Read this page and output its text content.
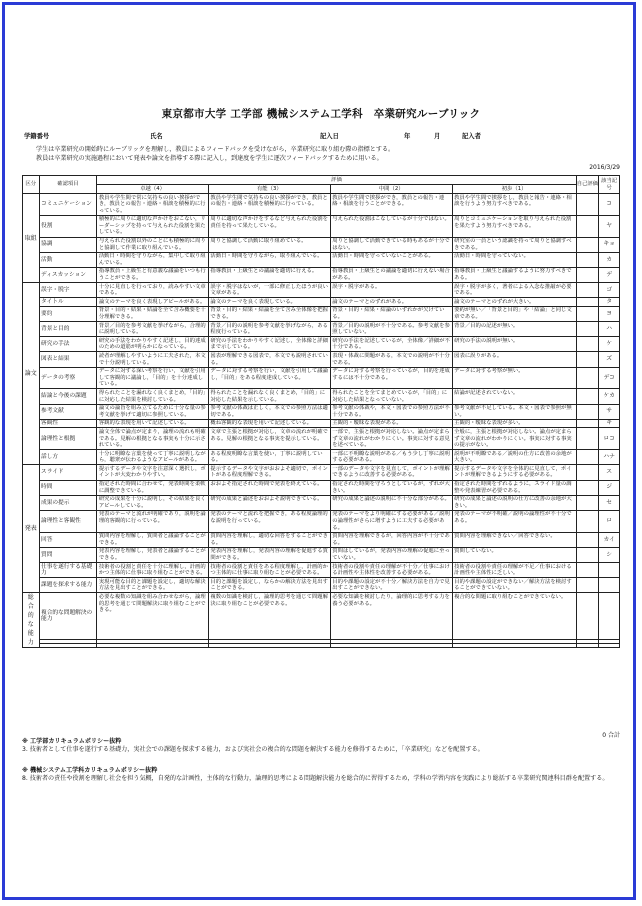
東京都市大学 工学部 機械システム工学科　卒業研究ルーブリック
学籍番号	氏名	記入日	年	月	記入者
学生は卒業研究の開始時にルーブリックを理解し，教員によるフィードバックを受けながら，卒業研究に取り組む際の指標とする。
教員は卒業研究の実施過程において発表や論文を指導する際に記入し，到達度を学生に逐次フィードバックするために用いる。
2016/3/29
区分	確認項目	評価				自己評価	該当記号
		卓越（4）	有能（3）	中間（2）	初歩（1）		
取組	コミュニケーション	教員や学生間で常に気持ちの良い挨拶ができ，教員との報告・連絡・相談を積極的に行っている。	教員や学生間で気持ちの良い挨拶ができ，教員との報告・連絡・相談を積極的に行っている。	教員や学生間で挨拶ができ，教員との報告・連絡・相談を行うことができる。	教員や学生間で挨拶をし，教員と報告・連絡・相談を行うよう努力すべきである。		コ
	役割	積極的に周りに適切な声かけをおこない，リーダーシップを持って与えられた役割を果たしている。	周りに適切な声かけをするなど与えられた役割を責任を持って果たしている。	与えられた役割はこなしているが十分ではない。	周りとコミュニケーションを取り与えられた役割を果たすよう努力すべきである。		ヤ
	協調	与えられた役割以外のことにも積極的に周りと協調して作業に取り組んでいる。	周りと協調して活動に取り組めている。	周りと協調して活動できている時もあるが十分ではない。	研究室の一員という認識を持って周りと協調すべきである。		キョ
	活動	活動日・時間を守りながら，集中して取り組んでいる。	活動日・時間を守りながら，取り組んでいる。	活動日・時間を守っていないことがある。	活動日・時間を守っていない。		カ
	ディスカッション	指導教員・上級生と有意義な議論をいつも行うことができる。	指導教員・上級生との議論を適切に行える。	指導教員・上級生との議論を適切に行えない場合がある。	指導教員・上級生と議論するように努力すべきである。		デ
論文	誤字・脱字	十分に見直しを行っており，読みやすい文章である。	誤字・脱字はないが，一部に修正したほうが良い文章がある。	誤字・脱字がある。	誤字・脱字が多く，著者による入念な推敲が必要である。		ゴ
	タイトル	論文のテーマを良く表現しアピールがある。	論文のテーマを良く表現している。	論文のテーマとのずれがある。	論文のテーマとのずれが大きい。		タ
	要約	背景・目的・結果・結論を全て含み概要を十分理解できる。	背景・目的・結果・結論を全て含み全体像を把握できる。	背景・目的・結果・結論のいずれかが欠けている。	要約が無い／「背景と目的」や「結論」と同じ文章である。		ヨ
	背景と目的	背景／目的を参考文献を挙げながら，合理的に説明している。	背景／目的の説明を参考文献を挙げながら，ある程度行っている。	背景／目的の説明が不十分である。参考文献を参照していない。	背景／目的の記述が無い。		ハ
	研究の手法	研究の手法をわかりやすく記述し，目的達成のための道筋が明らかになっている。	研究の手法をわかりやすく記述し，全体像と詳細まで示している。	研究の手法を記述しているが，全体像／詳細が不十分である。	研究の手法の説明が無い。		ケ
	図表と結果	読者が理解しやすいように工夫された，本文で十分説明している。	図表が理解できる図表で，本文でも説明されている。	表現・体裁に問題がある，本文での説明が不十分である。	図表に誤りがある。		ズ
	データの考察	データに対する深い考察を行い，文献を引用して客観的に議論し，「目的」を十分達成している。	データに対する考察を行い，文献を引用して議論し，「目的」をある程度達成している。	データに対する考察を行っているが，目的を達成するには不十分である。	データに対する考察が無い。		デコ
	結論と今後の課題	得られたことを漏れなく良くまとめ，「目的」に対応した結果を検討している。	得られたことを漏れなく良くまとめ，「目的」に対応した結果を示している。	得られたことを全てまとめているが，「目的」に対応した結果となっていない。	結論が記述されていない。		ケカ
	参考文献	論文の論旨を組み立てるために十分な量の参考文献を挙げて適切に参照している。	参考文献の体裁は正しく，本文での参照方法は適切である。	参考文献の体裁や，本文・図表での参照方法が不十分である。	参考文献が不足している。本文・図表で参照が無い。		サ
	客観性	客観的な表現を用いて記述している。	概ね客観的な表現を用いて記述している。	主観的・曖昧な表現がある。	主観的・曖昧な表現が多い。		キ
	論理性と根拠	論文全体で論点が定まり，論理の流れも明確である。見解の根拠となる事実も十分に示されている。	文章で主張と根拠が対応し，文章の流れが明確である。見解の根拠となる事実を提示している。	一部で，主張と根拠が対応しない。論点が定まらず文章の流れがわかりにくい。事実に対する意見を述べている。	全般に，主張と根拠が対応しない。論点が定まらず文章の流れがわかりにくい。事実に対する事実の提示がない。		ロコ
	話し方	十分に明瞭な言葉を使って丁寧に説明しながら，聴衆が伝わるようなアピールがある。	ある程度明瞭な言葉を使い，丁寧に説明している。	一部に不明瞭な説明がある／もう少し丁寧に説明する必要がある。	説明が不明瞭である／説明の仕方に改善の余地が大きい。		ハナ
発表	スライド	提示するデータや文字を注意深く選択し，ポイントが大変わかりやすい。	提示するデータや文字がおおよそ適切で，ポイントがある程度理解できる。	一部のデータや文字を見直して，ポイントが理解できるように改善する必要がある。	提示するデータや文字を全体的に見直して，ポイントが理解できるようにする必要がある。		ス
	時間	指定された時間に合わせて，発表時間を柔軟に調整できている。	おおよそ指定された時間で発表を終えている。	指定された時間を守ろうとしているが，ずれが大きい。	指定された時間をずれるように，スライド量の調整や発表練習が必要である。		ジ
	成果の提示	研究の成果を十分に説明し，その結果を良くアピールしている。	研究の成果と論述をおおよそ説明できている。	研究の成果と論述の説明に不十分な部分がある。	研究の成果と論述の説明の仕方に改善の余地が大きい。		セ
	論理性と客観性	発表のテーマと流れが明確であり，説明を論理的客観的に行っている。	発表のテーマと流れを把握でき，ある程度論理的な説明を行っている。	発表のテーマをより明確にする必要がある／説明の論理性がさらに増すように工夫する必要がある。	発表のテーマが不明確／説明の論理性が不十分である。		ロ
	回答	質問内容を理解し，質問者と議論することができる。	質問内容を理解し，適切な回答をすることができる。	質問内容を理解できるが，回答内容が不十分である。	質問内容を理解できない／回答できない。		カイ
	質問	発表内容を理解し，発表者と議論することができる。	発表内容を理解し，発表内容の理解を促進する質問ができる。	質問はしているが，発表内容の理解の促進に至っていない。	質問していない。		シ
	仕事を遂行する基礎力	技術者の役割と責任を十分に理解し，計画的かつ主体的に仕事に取り組むことができる。	技術者の役割と責任をある程度理解し，計画的かつ主体的に仕事に取り組むことが必要である。	技術者の役割や責任の理解が不十分／仕事における計画性や主体性を改善する必要がある。	技術者の役割や責任の理解が不足／仕事における計画性や主体性に乏しい。		
	課題を探求する能力	実現可能な目的と課題を設定し，適切な解決方法を見出すことができる。	目的と課題を設定し，ならかの解決方法を見出すことができる。	目的や課題の設定が不十分／解決方法を自力で見出すことができない。	目的や課題の設定ができない／解決方法を検討することができていない。		
総合的な能力	複合的な問題解決の能力	必要な複数の知識を組み合わせながら，論理的思考を通じて問題解決に取り組むことができる。	複数の知識を検討し，論理的思考を通じて問題解決に取り組むことが必要である。	必要な知識を検討したり，論理的に思考する力を養う必要がある。	複合的な問題に取り組むことができていない。		

0 合計

※ 工学部カリキュラムポリシー抜粋

3. 技術者として仕事を遂行する基礎力，実社会での課題を探求する能力，および実社会の複合的な問題を解決する能力を修得するために，「卒業研究」などを配置する。

※ 機械システム工学科カリキュラムポリシー抜粋

8. 技術者の責任や役割を理解し社会を担う気概，自発的な計画性，主体的な行動力，論理的思考による問題解決能力を総合的に習得するため，学科の学習内容を実践により総括する卒業研究関連科目群を配置する。
